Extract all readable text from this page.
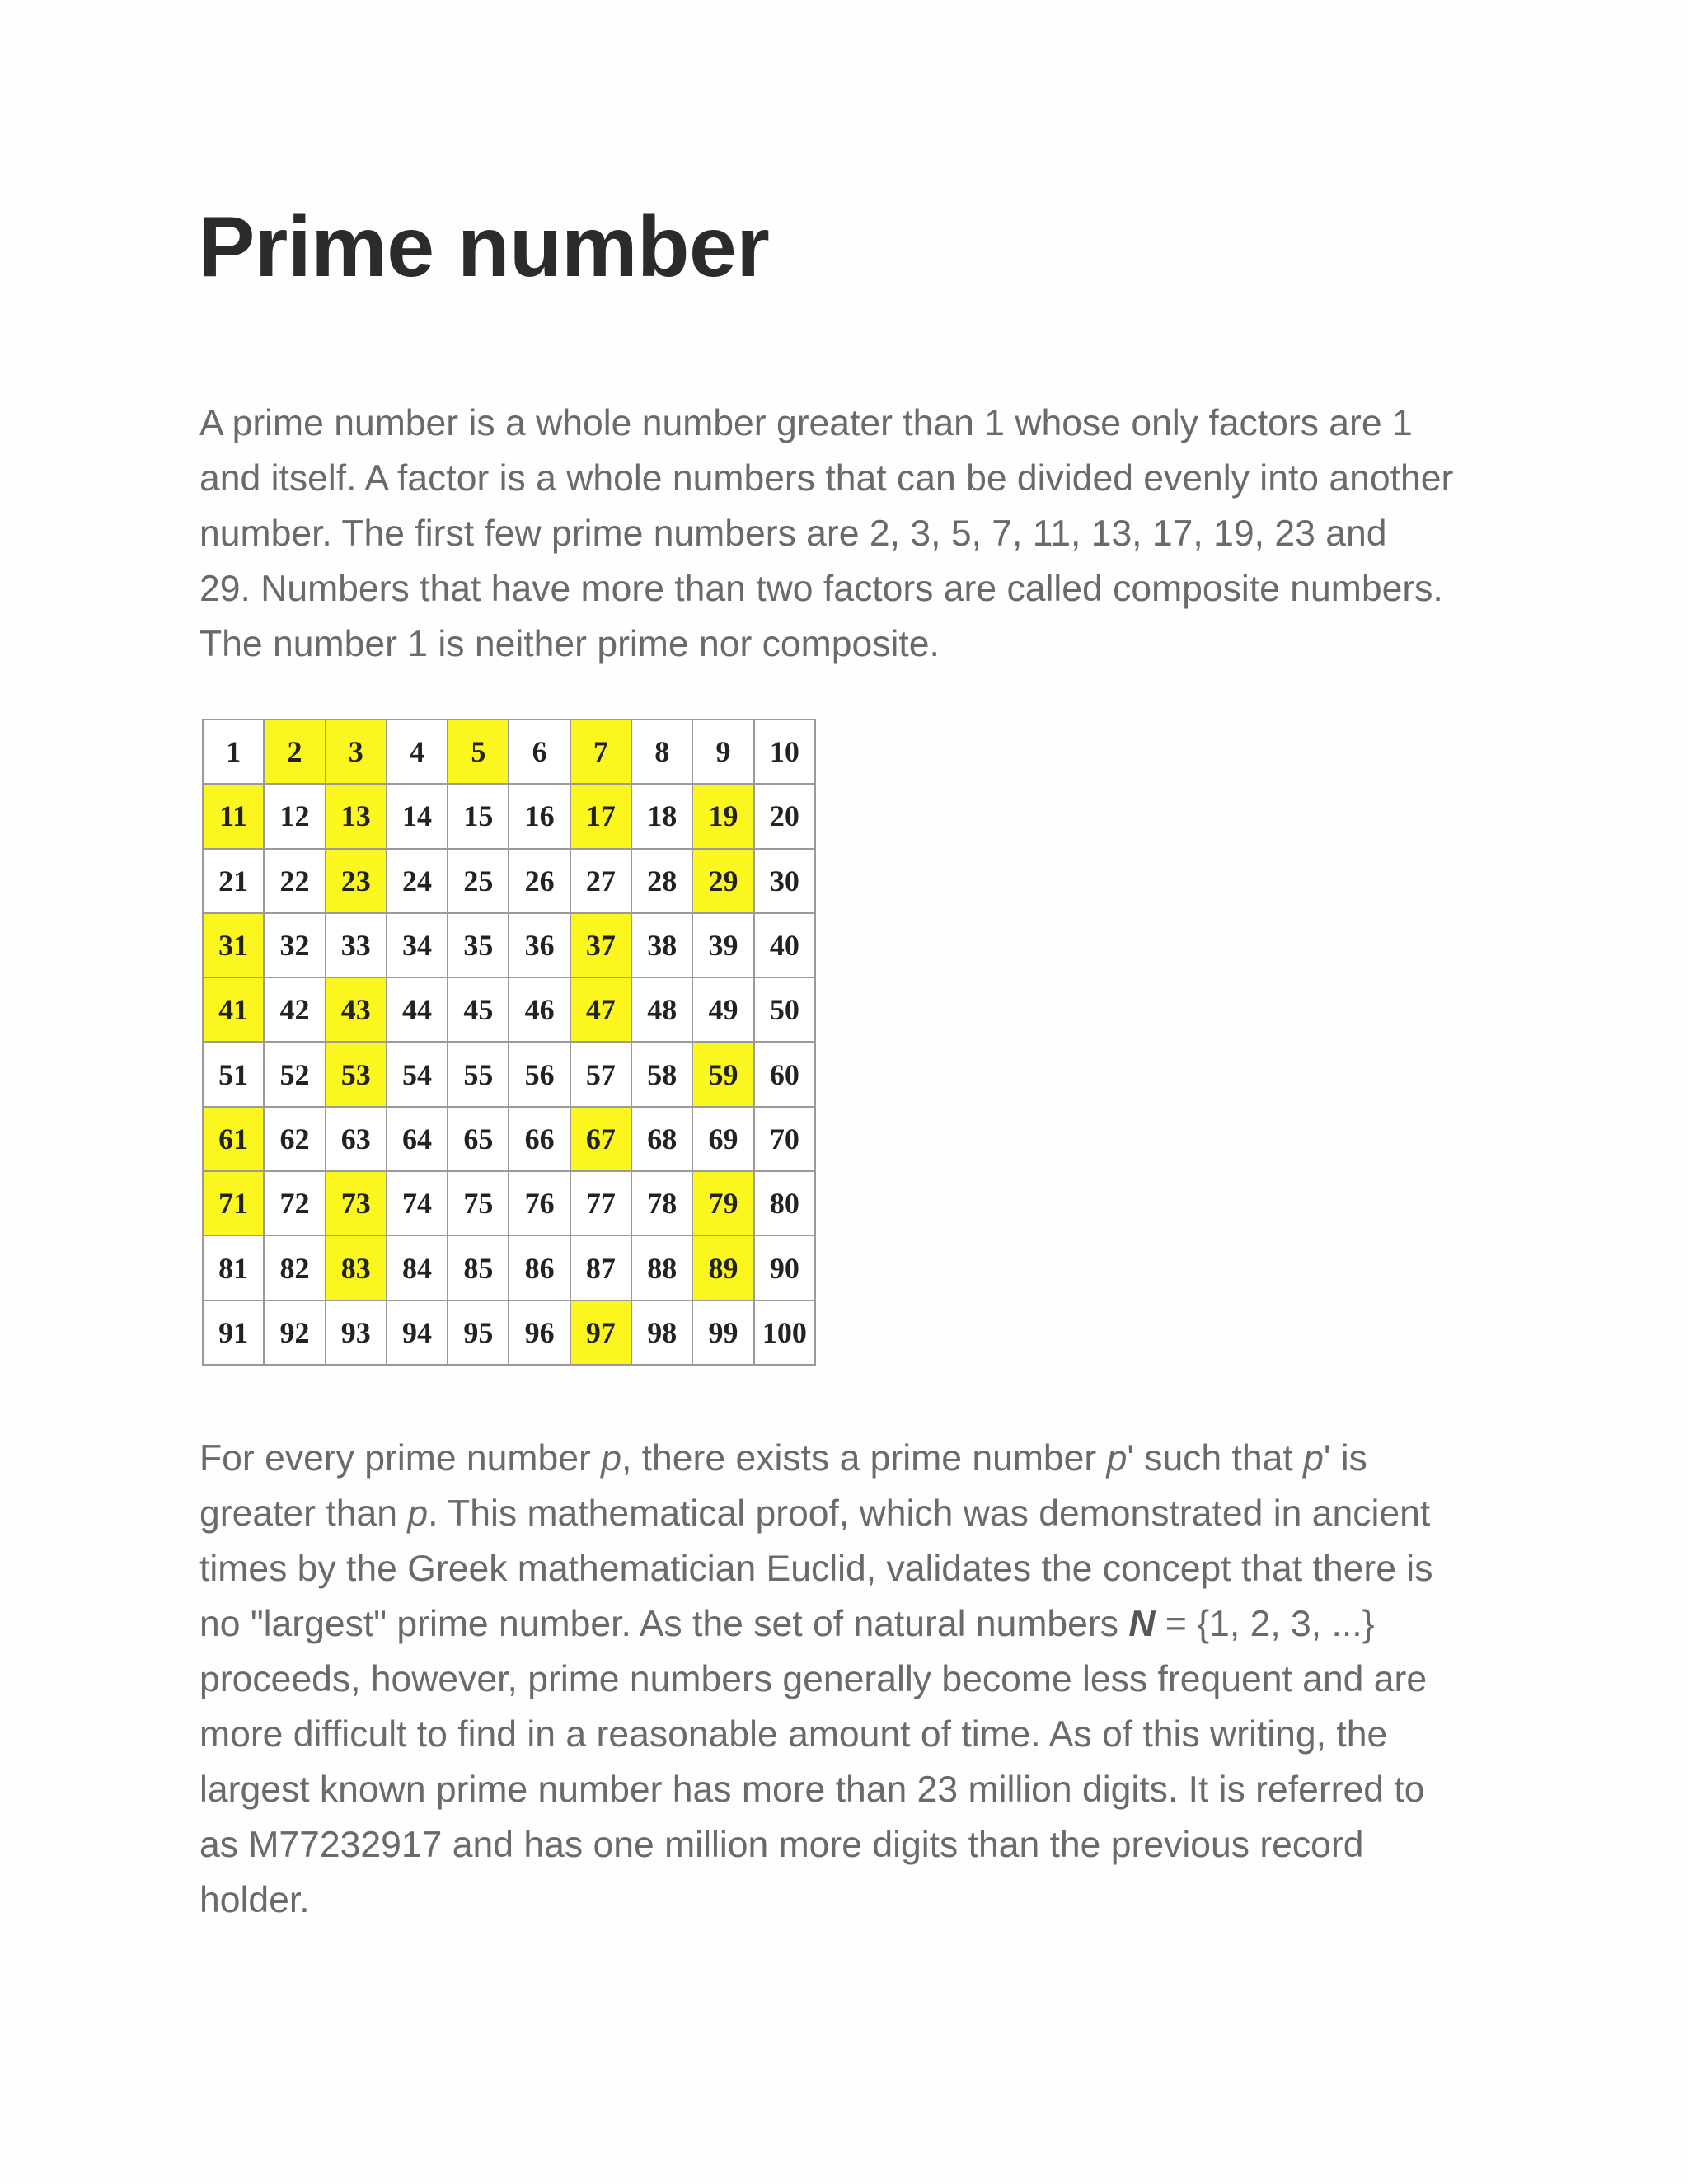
Prime number

A prime number is a whole number greater than 1 whose only factors are 1
and itself. A factor is a whole numbers that can be divided evenly into another
number. The first few prime numbers are 2, 3, 5, 7, 11, 13, 17, 19, 23 and
29. Numbers that have more than two factors are called composite numbers.
The number 1 is neither prime nor composite.

1	2	3	4	5	6	7	8	9	10
11	12	13	14	15	16	17	18	19	20
21	22	23	24	25	26	27	28	29	30
31	32	33	34	35	36	37	38	39	40
41	42	43	44	45	46	47	48	49	50
51	52	53	54	55	56	57	58	59	60
61	62	63	64	65	66	67	68	69	70
71	72	73	74	75	76	77	78	79	80
81	82	83	84	85	86	87	88	89	90
91	92	93	94	95	96	97	98	99	100

For every prime number p, there exists a prime number p' such that p' is
greater than p. This mathematical proof, which was demonstrated in ancient
times by the Greek mathematician Euclid, validates the concept that there is
no "largest" prime number. As the set of natural numbers N = {1, 2, 3, ...}
proceeds, however, prime numbers generally become less frequent and are
more difficult to find in a reasonable amount of time. As of this writing, the
largest known prime number has more than 23 million digits. It is referred to
as M77232917 and has one million more digits than the previous record
holder.
